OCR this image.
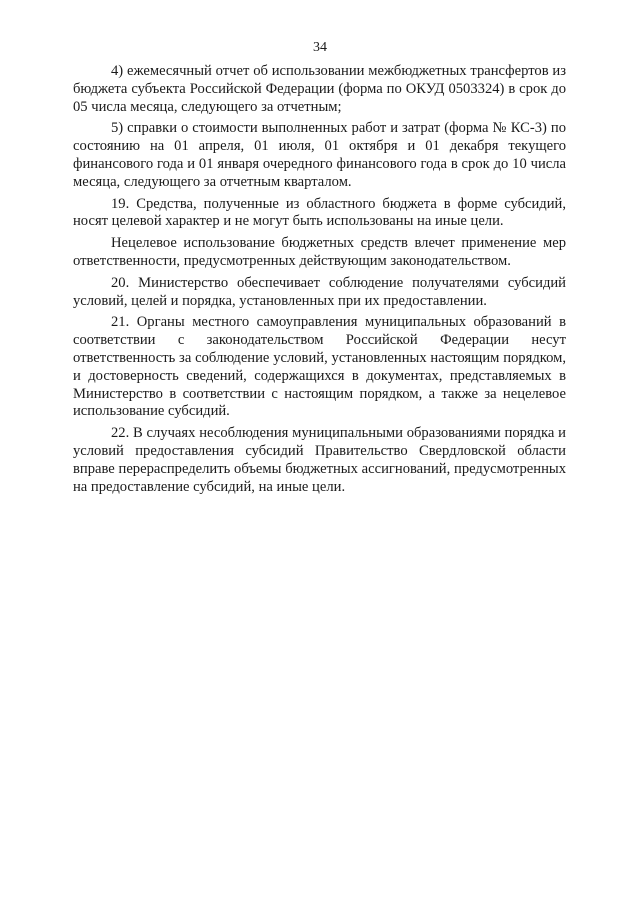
34

4) ежемесячный отчет об использовании межбюджетных трансфертов из бюджета субъекта Российской Федерации (форма по ОКУД 0503324) в срок до 05 числа месяца, следующего за отчетным;

5) справки о стоимости выполненных работ и затрат (форма № КС-3) по состоянию на 01 апреля, 01 июля, 01 октября и 01 декабря текущего финансового года и 01 января очередного финансового года в срок до 10 числа месяца, следующего за отчетным кварталом.

19. Средства, полученные из областного бюджета в форме субсидий, носят целевой характер и не могут быть использованы на иные цели.

Нецелевое использование бюджетных средств влечет применение мер ответственности, предусмотренных действующим законодательством.

20. Министерство обеспечивает соблюдение получателями субсидий условий, целей и порядка, установленных при их предоставлении.

21. Органы местного самоуправления муниципальных образований в соответствии с законодательством Российской Федерации несут ответственность за соблюдение условий, установленных настоящим порядком, и достоверность сведений, содержащихся в документах, представляемых в Министерство в соответствии с настоящим порядком, а также за нецелевое использование субсидий.

22. В случаях несоблюдения муниципальными образованиями порядка и условий предоставления субсидий Правительство Свердловской области вправе перераспределить объемы бюджетных ассигнований, предусмотренных на предоставление субсидий, на иные цели.
